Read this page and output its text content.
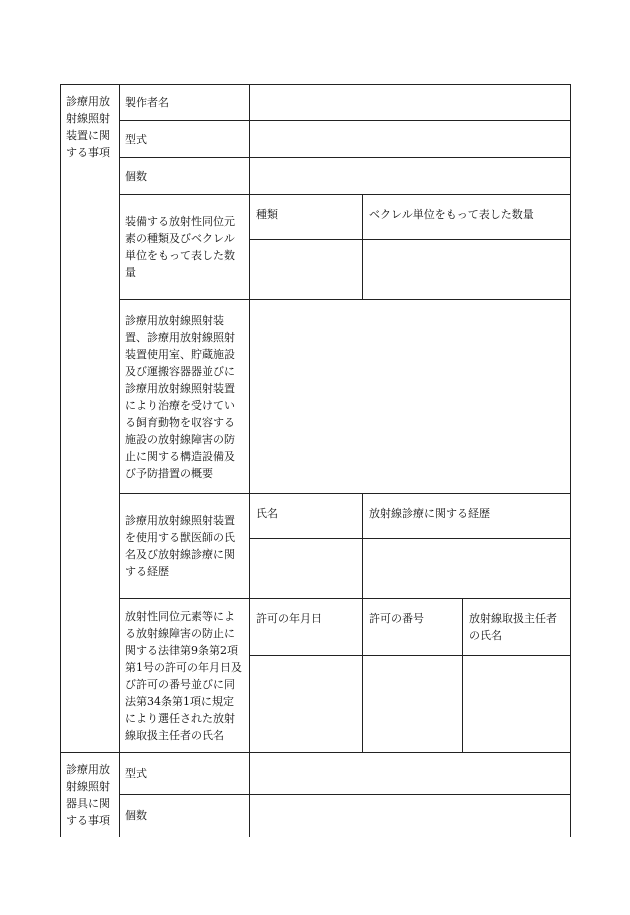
診療用放射線照射装置に関する事項	製作者名			
	型式			
	個数			
	装備する放射性同位元素の種類及びベクレル単位をもって表した数量	種類	ベクレル単位をもって表した数量	

	診療用放射線照射装置、診療用放射線照射装置使用室、貯蔵施設及び運搬容器器並びに診療用放射線照射装置により治療を受けている飼育動物を収容する施設の放射線障害の防止に関する構造設備及び予防措置の概要			
	診療用放射線照射装置を使用する獣医師の氏名及び放射線診療に関する経歴	氏名	放射線診療に関する経歴	

	放射性同位元素等による放射線障害の防止に関する法律第9条第2項第1号の許可の年月日及び許可の番号並びに同法第34条第1項に規定により選任された放射線取扱主任者の氏名	許可の年月日	許可の番号	放射線取扱主任者の氏名

診療用放射線照射器具に関する事項	型式			
	個数			
